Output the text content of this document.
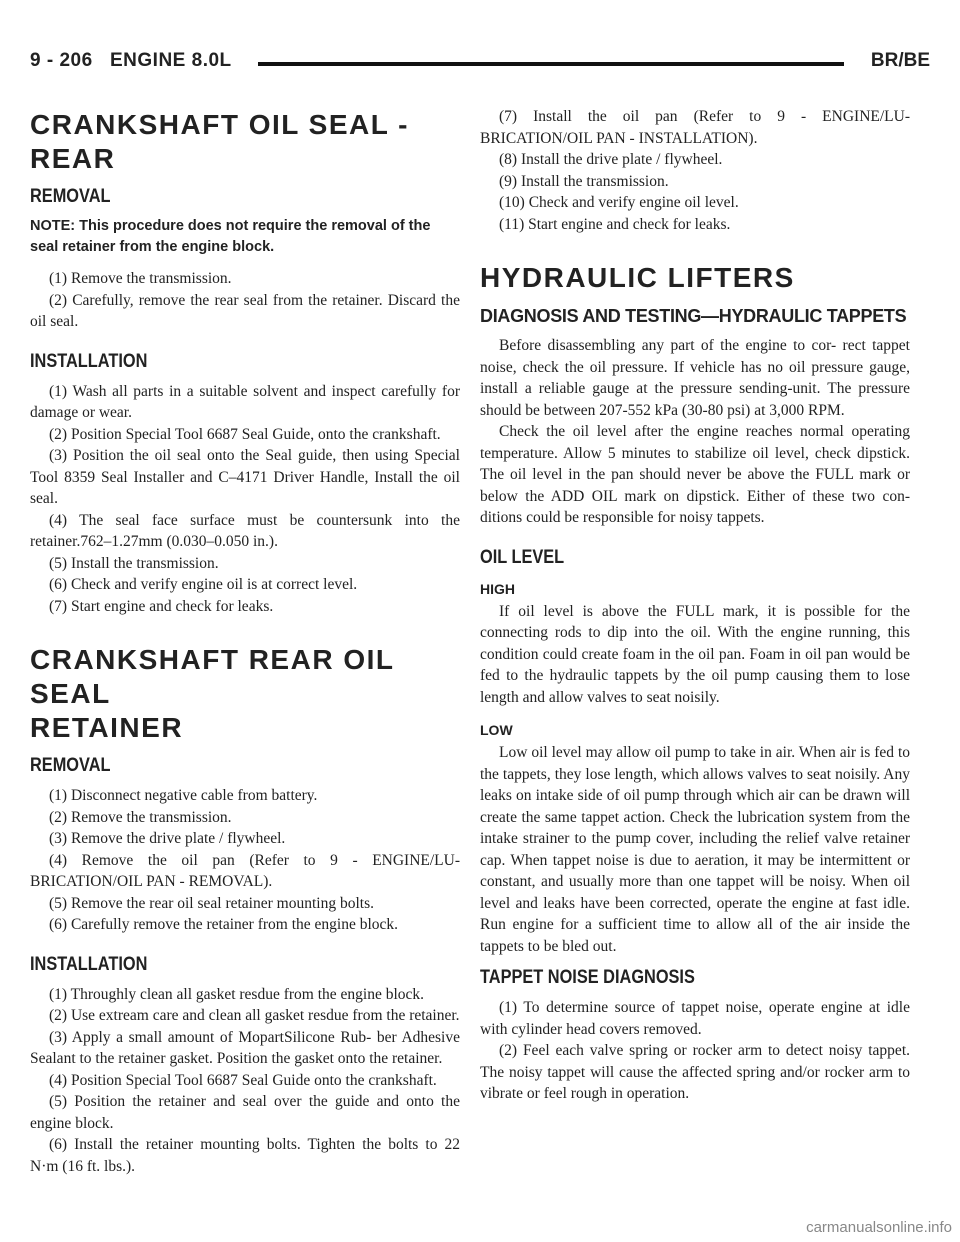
9 - 206 ENGINE 8.0L	BR/BE
CRANKSHAFT OIL SEAL -
REAR
REMOVAL
NOTE: This procedure does not require the removal of the seal retainer from the engine block.

(1) Remove the transmission.

(2) Carefully, remove the rear seal from the retainer. Discard the oil seal.

INSTALLATION

(1) Wash all parts in a suitable solvent and inspect carefully for damage or wear.

(2) Position Special Tool 6687 Seal Guide, onto the crankshaft.

(3) Position the oil seal onto the Seal guide, then using Special Tool 8359 Seal Installer and C–4171 Driver Handle, Install the oil seal.

(4) The seal face surface must be countersunk into the retainer.762–1.27mm (0.030–0.050 in.).

(5) Install the transmission.

(6) Check and verify engine oil is at correct level.

(7) Start engine and check for leaks.

CRANKSHAFT REAR OIL SEAL
RETAINER
REMOVAL

(1) Disconnect negative cable from battery.

(2) Remove the transmission.

(3) Remove the drive plate / flywheel.

(4) Remove the oil pan (Refer to 9 - ENGINE/LU- BRICATION/OIL PAN - REMOVAL).

(5) Remove the rear oil seal retainer mounting bolts.

(6) Carefully remove the retainer from the engine block.

INSTALLATION

(1) Throughly clean all gasket resdue from the engine block.

(2) Use extream care and clean all gasket resdue from the retainer.

(3) Apply a small amount of MopartSilicone Rub- ber Adhesive Sealant to the retainer gasket. Position the gasket onto the retainer.

(4) Position Special Tool 6687 Seal Guide onto the crankshaft.

(5) Position the retainer and seal over the guide and onto the engine block.

(6) Install the retainer mounting bolts. Tighten the bolts to 22 N·m (16 ft. lbs.).

(7) Install the oil pan (Refer to 9 - ENGINE/LU- BRICATION/OIL PAN - INSTALLATION).

(8) Install the drive plate / flywheel.

(9) Install the transmission.

(10) Check and verify engine oil level.

(11) Start engine and check for leaks.

HYDRAULIC LIFTERS
DIAGNOSIS AND TESTING—HYDRAULIC TAPPETS

Before disassembling any part of the engine to cor- rect tappet noise, check the oil pressure. If vehicle has no oil pressure gauge, install a reliable gauge at the pressure sending-unit. The pressure should be between 207-552 kPa (30-80 psi) at 3,000 RPM.

Check the oil level after the engine reaches normal operating temperature. Allow 5 minutes to stabilize oil level, check dipstick. The oil level in the pan should never be above the FULL mark or below the ADD OIL mark on dipstick. Either of these two con- ditions could be responsible for noisy tappets.

OIL LEVEL
HIGH

If oil level is above the FULL mark, it is possible for the connecting rods to dip into the oil. With the engine running, this condition could create foam in the oil pan. Foam in oil pan would be fed to the hydraulic tappets by the oil pump causing them to lose length and allow valves to seat noisily.

LOW

Low oil level may allow oil pump to take in air. When air is fed to the tappets, they lose length, which allows valves to seat noisily. Any leaks on intake side of oil pump through which air can be drawn will create the same tappet action. Check the lubrication system from the intake strainer to the pump cover, including the relief valve retainer cap. When tappet noise is due to aeration, it may be intermittent or constant, and usually more than one tappet will be noisy. When oil level and leaks have been corrected, operate the engine at fast idle. Run engine for a sufficient time to allow all of the air inside the tappets to be bled out.

TAPPET NOISE DIAGNOSIS

(1) To determine source of tappet noise, operate engine at idle with cylinder head covers removed.

(2) Feel each valve spring or rocker arm to detect noisy tappet. The noisy tappet will cause the affected spring and/or rocker arm to vibrate or feel rough in operation.

carmanualsonline.info
